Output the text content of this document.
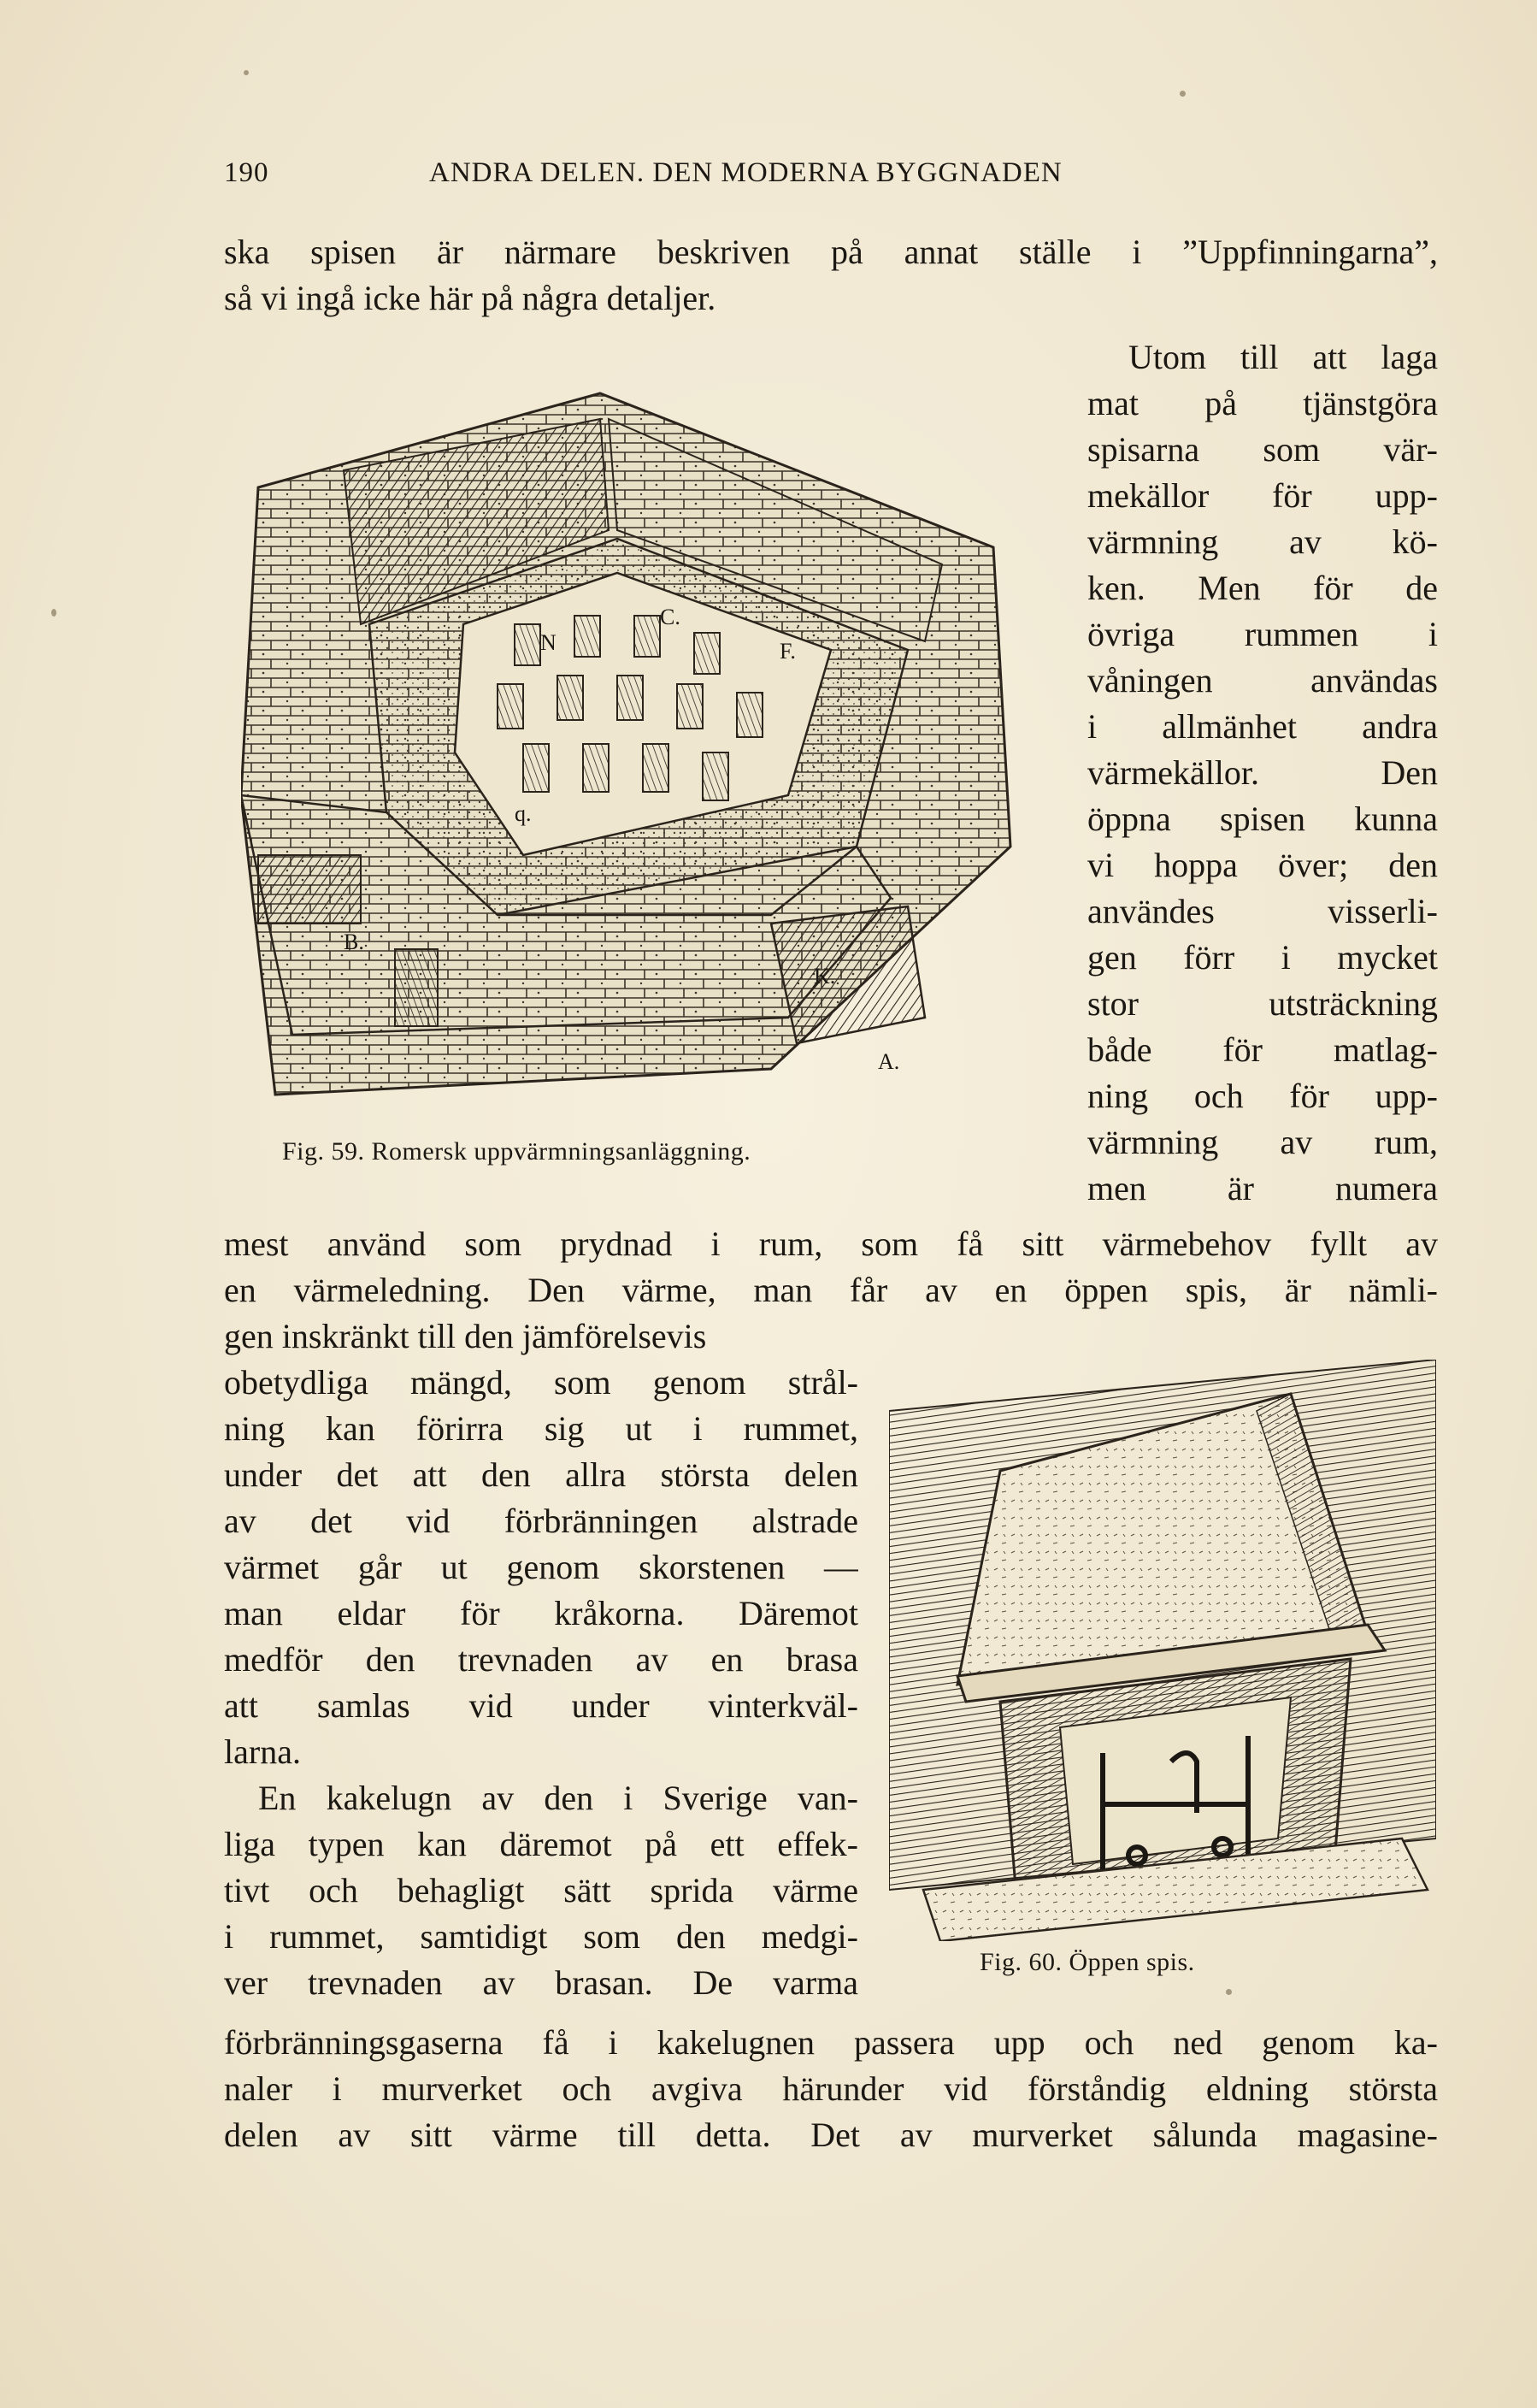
190	ANDRA DELEN. DEN MODERNA BYGGNADEN
ska spisen är närmare beskriven på annat ställe i ”Uppfinningarna”,
så vi ingå icke här på några detaljer.
Utom till att laga
mat på tjänstgöra
spisarna som vär-
mekällor för upp-
värmning av kö-
ken. Men för de
övriga rummen i
våningen användas
i allmänhet andra
värmekällor. Den
öppna spisen kunna
vi hoppa över; den
användes visserli-
gen förr i mycket
stor utsträckning
både för matlag-
ning och för upp-
värmning av rum,
men är numera
N
C.
F.
q.
B.
K.
A.
Fig. 59. Romersk uppvärmningsanläggning.
mest använd som prydnad i rum, som få sitt värmebehov fyllt av
en värmeledning. Den värme, man får av en öppen spis, är nämli-
gen inskränkt till den jämförelsevis
obetydliga mängd, som genom strål-
ning kan förirra sig ut i rummet,
under det att den allra största delen
av det vid förbränningen alstrade
värmet går ut genom skorstenen —
man eldar för kråkorna. Däremot
medför den trevnaden av en brasa
att samlas vid under vinterkväl-
larna.
En kakelugn av den i Sverige van-
liga typen kan däremot på ett effek-
tivt och behagligt sätt sprida värme
i rummet, samtidigt som den medgi-
ver trevnaden av brasan. De varma
Fig. 60. Öppen spis.
förbränningsgaserna få i kakelugnen passera upp och ned genom ka-
naler i murverket och avgiva härunder vid förståndig eldning största
delen av sitt värme till detta. Det av murverket sålunda magasine-
